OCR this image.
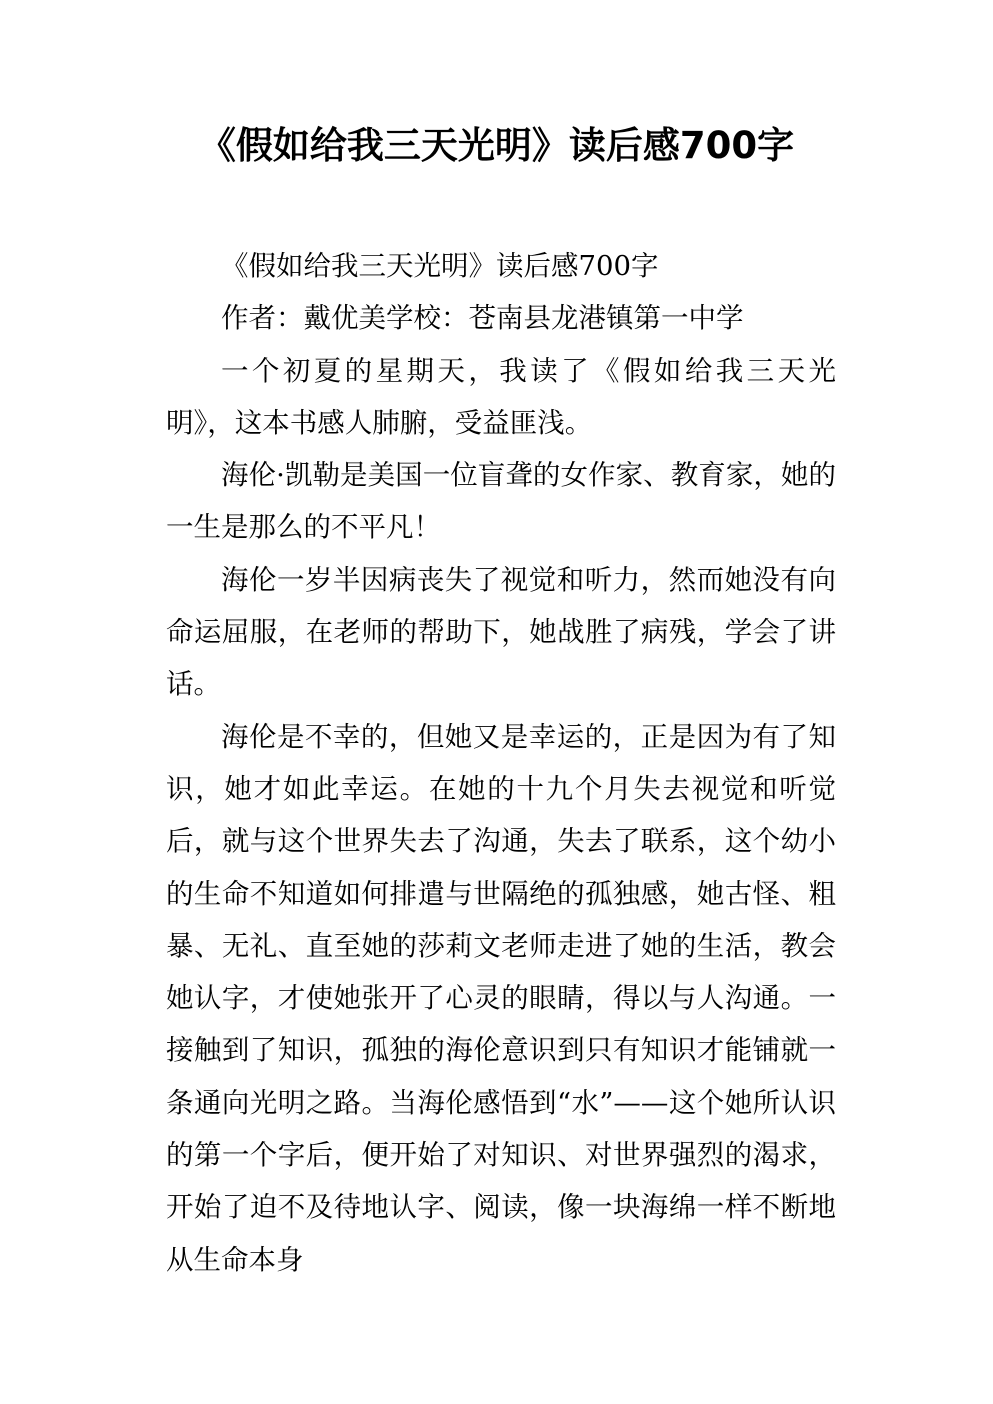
《假如给我三天光明》读后感700字

《假如给我三天光明》读后感700字

作者：戴优美学校：苍南县龙港镇第一中学

一个初夏的星期天，我读了《假如给我三天光明》，这本书感人肺腑，受益匪浅。

海伦·凯勒是美国一位盲聋的女作家、教育家，她的一生是那么的不平凡！

海伦一岁半因病丧失了视觉和听力，然而她没有向命运屈服，在老师的帮助下，她战胜了病残，学会了讲话。

海伦是不幸的，但她又是幸运的，正是因为有了知识，她才如此幸运。在她的十九个月失去视觉和听觉后，就与这个世界失去了沟通，失去了联系，这个幼小的生命不知道如何排遣与世隔绝的孤独感，她古怪、粗暴、无礼、直至她的莎莉文老师走进了她的生活，教会她认字，才使她张开了心灵的眼睛，得以与人沟通。一接触到了知识，孤独的海伦意识到只有知识才能铺就一条通向光明之路。当海伦感悟到“水”——这个她所认识的第一个字后，便开始了对知识、对世界强烈的渴求，开始了迫不及待地认字、阅读，像一块海绵一样不断地从生命本身
